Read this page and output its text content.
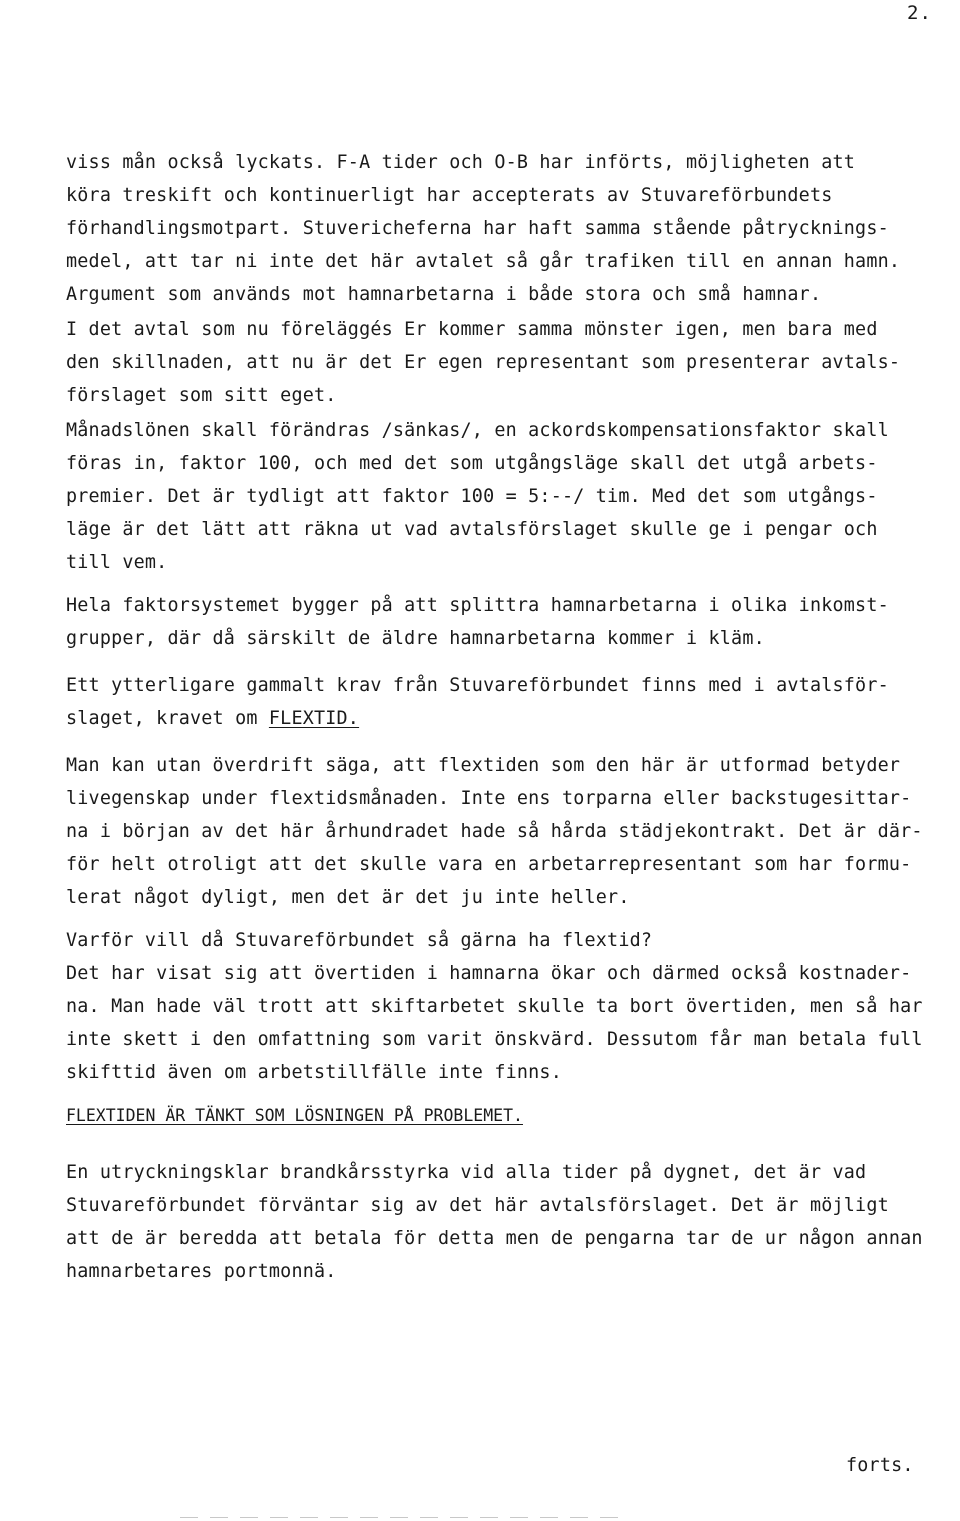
2.
viss mån också lyckats. F-A tider och O-B har införts, möjligheten att
köra treskift och kontinuerligt har accepterats av Stuvareförbundets
förhandlingsmotpart. Stuvericheferna har haft samma stående påtrycknings-
medel, att tar ni inte det här avtalet så går trafiken till en annan hamn.
Argument som används mot hamnarbetarna i både stora och små hamnar.
I det avtal som nu föreläggés Er kommer samma mönster igen, men bara med
den skillnaden, att nu är det Er egen representant som presenterar avtals-
förslaget som sitt eget.
Månadslönen skall förändras /sänkas/, en ackordskompensationsfaktor skall
föras in, faktor 100, och med det som utgångsläge skall det utgå arbets-
premier. Det är tydligt att faktor 100 = 5:--/ tim. Med det som utgångs-
läge är det lätt att räkna ut vad avtalsförslaget skulle ge i pengar och
till vem.
Hela faktorsystemet bygger på att splittra hamnarbetarna i olika inkomst-
grupper, där då särskilt de äldre hamnarbetarna kommer i kläm.
Ett ytterligare gammalt krav från Stuvareförbundet finns med i avtalsför-
slaget, kravet om FLEXTID.
Man kan utan överdrift säga, att flextiden som den här är utformad betyder
livegenskap under flextidsmånaden. Inte ens torparna eller backstugesittar-
na i början av det här århundradet hade så hårda städjekontrakt. Det är där-
för helt otroligt att det skulle vara en arbetarrepresentant som har formu-
lerat något dyligt, men det är det ju inte heller.
Varför vill då Stuvareförbundet så gärna ha flextid?
Det har visat sig att övertiden i hamnarna ökar och därmed också kostnader-
na. Man hade väl trott att skiftarbetet skulle ta bort övertiden, men så har
inte skett i den omfattning som varit önskvärd. Dessutom får man betala full
skifttid även om arbetstillfälle inte finns.
FLEXTIDEN ÄR TÄNKT SOM LÖSNINGEN PÅ PROBLEMET.
En utryckningsklar brandkårsstyrka vid alla tider på dygnet, det är vad
Stuvareförbundet förväntar sig av det här avtalsförslaget. Det är möjligt
att de är beredda att betala för detta men de pengarna tar de ur någon annan
hamnarbetares portmonnä.
forts.
